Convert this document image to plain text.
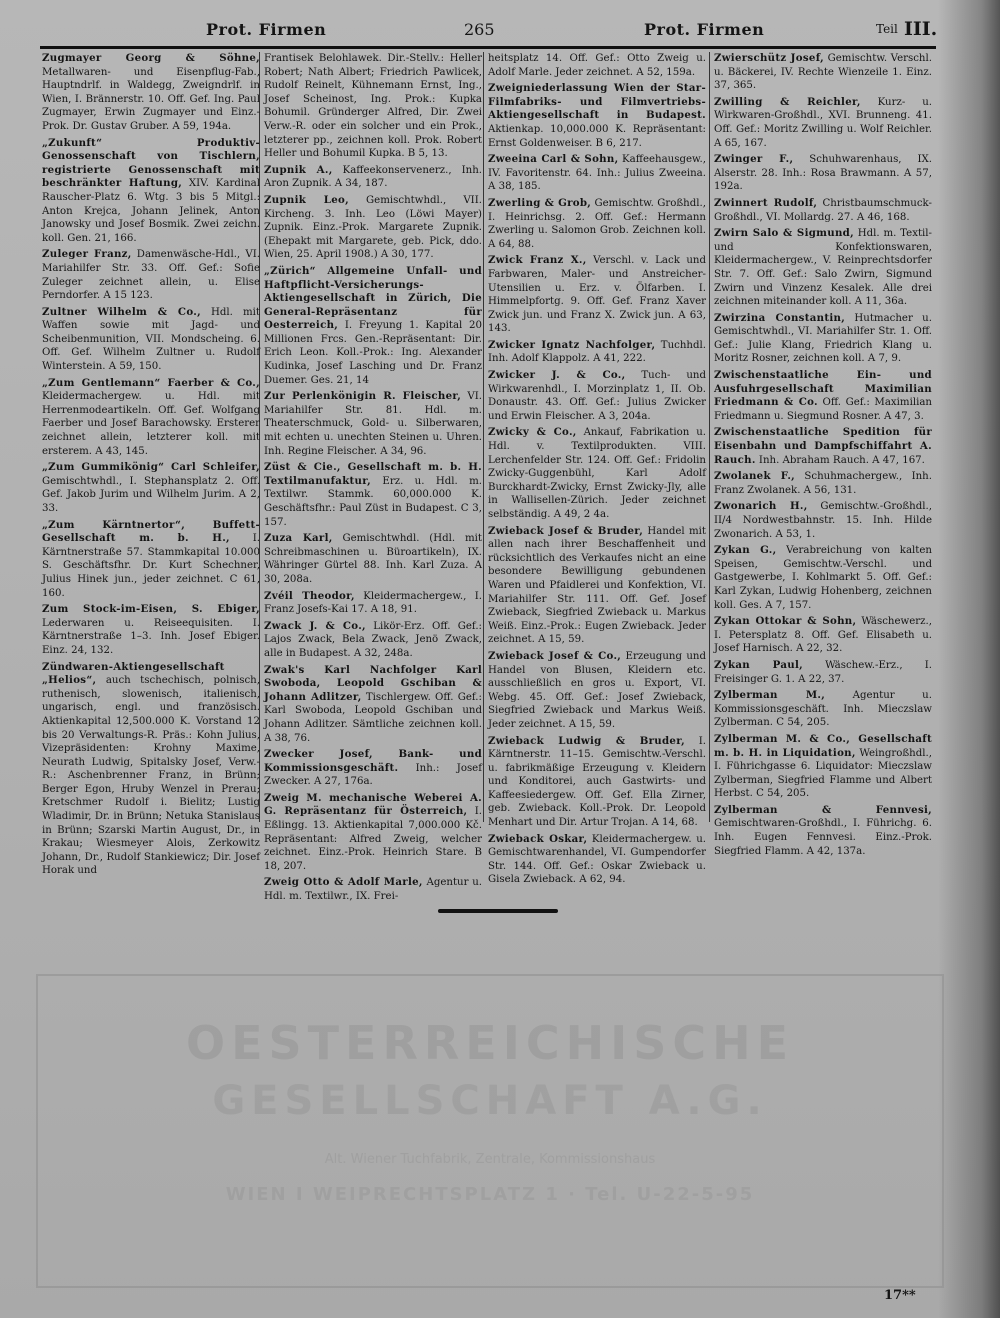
Prot. Firmen	265	Prot. Firmen	Teil III.

Zugmayer Georg & Söhne, Metallwaren- und Eisenpflug-Fab., Hauptndrlf. in Waldegg, Zweigndrlf. in Wien, I. Brännerstr. 10. Off. Gef. Ing. Paul Zugmayer, Erwin Zugmayer und Einz.-Prok. Dr. Gustav Gruber. A 59, 194a.

„Zukunft“ Produktiv-Genossenschaft von Tischlern, registrierte Genossenschaft mit beschränkter Haftung, XIV. Kardinal Rauscher-Platz 6. Wtg. 3 bis 5 Mitgl.: Anton Krejca, Johann Jelinek, Anton Janowsky und Josef Bosmik. Zwei zeichn. koll. Gen. 21, 166.

Zuleger Franz, Damenwäsche-Hdl., VI. Mariahilfer Str. 33. Off. Gef.: Sofie Zuleger zeichnet allein, u. Elise Perndorfer. A 15 123.

Zultner Wilhelm & Co., Hdl. mit Waffen sowie mit Jagd- und Scheibenmunition, VII. Mondscheing. 6. Off. Gef. Wilhelm Zultner u. Rudolf Winterstein. A 59, 150.

„Zum Gentlemann“ Faerber & Co., Kleidermachergew. u. Hdl. mit Herrenmodeartikeln. Off. Gef. Wolfgang Faerber und Josef Barachowsky. Ersterer zeichnet allein, letzterer koll. mit ersterem. A 43, 145.

„Zum Gummikönig“ Carl Schleifer, Gemischtwhdl., I. Stephansplatz 2. Off. Gef. Jakob Jurim und Wilhelm Jurim. A 2, 33.

„Zum Kärntnertor“, Buffett-Gesellschaft m. b. H., I. Kärntnerstraße 57. Stammkapital 10.000 S. Geschäftsfhr. Dr. Kurt Schechner, Julius Hinek jun., jeder zeichnet. C 61, 160.

Zum Stock-im-Eisen, S. Ebiger, Lederwaren u. Reiseequisiten. I. Kärntnerstraße 1–3. Inh. Josef Ebiger. Einz. 24, 132.

Zündwaren-Aktiengesellschaft „Helios“, auch tschechisch, polnisch, ruthenisch, slowenisch, italienisch, ungarisch, engl. und französisch. Aktienkapital 12,500.000 K. Vorstand 12 bis 20 Verwaltungs-R. Präs.: Kohn Julius, Vizepräsidenten: Krohny Maxime, Neurath Ludwig, Spitalsky Josef, Verw.-R.: Aschenbrenner Franz, in Brünn; Berger Egon, Hruby Wenzel in Prerau; Kretschmer Rudolf i. Bielitz; Lustig Wladimir, Dr. in Brünn; Netuka Stanislaus in Brünn; Szarski Martin August, Dr., in Krakau; Wiesmeyer Alois, Zerkowitz Johann, Dr., Rudolf Stankiewicz; Dir. Josef Horak und

Frantisek Belohlawek. Dir.-Stellv.: Heller Robert; Nath Albert; Friedrich Pawlicek, Rudolf Reinelt, Kühnemann Ernst, Ing., Josef Scheinost, Ing. Prok.: Kupka Bohumil. Gründerger Alfred, Dir. Zwei Verw.-R. oder ein solcher und ein Prok., letzterer pp., zeichnen koll. Prok. Robert Heller und Bohumil Kupka. B 5, 13.

Zupnik A., Kaffeekonservenerz., Inh. Aron Zupnik. A 34, 187.

Zupnik Leo, Gemischtwhdl., VII. Kircheng. 3. Inh. Leo (Löwi Mayer) Zupnik. Einz.-Prok. Margarete Zupnik. (Ehepakt mit Margarete, geb. Pick, ddo. Wien, 25. April 1908.) A 30, 177.

„Zürich“ Allgemeine Unfall- und Haftpflicht-Versicherungs-Aktiengesellschaft in Zürich, Die General-Repräsentanz für Oesterreich, I. Freyung 1. Kapital 20 Millionen Frcs. Gen.-Repräsentant: Dir. Erich Leon. Koll.-Prok.: Ing. Alexander Kudinka, Josef Lasching und Dr. Franz Duemer. Ges. 21, 14

Zur Perlenkönigin R. Fleischer, VI. Mariahilfer Str. 81. Hdl. m. Theaterschmuck, Gold- u. Silberwaren, mit echten u. unechten Steinen u. Uhren. Inh. Regine Fleischer. A 34, 96.

Züst & Cie., Gesellschaft m. b. H. Textilmanufaktur, Erz. u. Hdl. m. Textilwr. Stammk. 60,000.000 K. Geschäftsfhr.: Paul Züst in Budapest. C 3, 157.

Zuza Karl, Gemischtwhdl. (Hdl. mit Schreibmaschinen u. Büroartikeln), IX. Währinger Gürtel 88. Inh. Karl Zuza. A 30, 208a.

Zvéil Theodor, Kleidermachergew., I. Franz Josefs-Kai 17. A 18, 91.

Zwack J. & Co., Likör-Erz. Off. Gef.: Lajos Zwack, Bela Zwack, Jenö Zwack, alle in Budapest. A 32, 248a.

Zwak's Karl Nachfolger Karl Swoboda, Leopold Gschiban & Johann Adlitzer, Tischlergew. Off. Gef.: Karl Swoboda, Leopold Gschiban und Johann Adlitzer. Sämtliche zeichnen koll. A 38, 76.

Zwecker Josef, Bank- und Kommissionsgeschäft. Inh.: Josef Zwecker. A 27, 176a.

Zweig M. mechanische Weberei A. G. Repräsentanz für Österreich, I. Eßlingg. 13. Aktienkapital 7,000.000 Kč. Repräsentant: Alfred Zweig, welcher zeichnet. Einz.-Prok. Heinrich Stare. B 18, 207.

Zweig Otto & Adolf Marle, Agentur u. Hdl. m. Textilwr., IX. Frei-

heitsplatz 14. Off. Gef.: Otto Zweig u. Adolf Marle. Jeder zeichnet. A 52, 159a.

Zweigniederlassung Wien der Star-Filmfabriks- und Filmvertriebs-Aktiengesellschaft in Budapest. Aktienkap. 10,000.000 K. Repräsentant: Ernst Goldenweiser. B 6, 217.

Zweeina Carl & Sohn, Kaffeehausgew., IV. Favoritenstr. 64. Inh.: Julius Zweeina. A 38, 185.

Zwerling & Grob, Gemischtw. Großhdl., I. Heinrichsg. 2. Off. Gef.: Hermann Zwerling u. Salomon Grob. Zeichnen koll. A 64, 88.

Zwick Franz X., Verschl. v. Lack und Farbwaren, Maler- und Anstreicher-Utensilien u. Erz. v. Ölfarben. I. Himmelpfortg. 9. Off. Gef. Franz Xaver Zwick jun. und Franz X. Zwick jun. A 63, 143.

Zwicker Ignatz Nachfolger, Tuchhdl. Inh. Adolf Klappolz. A 41, 222.

Zwicker J. & Co., Tuch- und Wirkwarenhdl., I. Morzinplatz 1, II. Ob. Donaustr. 43. Off. Gef.: Julius Zwicker und Erwin Fleischer. A 3, 204a.

Zwicky & Co., Ankauf, Fabrikation u. Hdl. v. Textilprodukten. VIII. Lerchenfelder Str. 124. Off. Gef.: Fridolin Zwicky-Guggenbühl, Karl Adolf Burckhardt-Zwicky, Ernst Zwicky-Jly, alle in Wallisellen-Zürich. Jeder zeichnet selbständig. A 49, 2 4a.

Zwieback Josef & Bruder, Handel mit allen nach ihrer Beschaffenheit und rücksichtlich des Verkaufes nicht an eine besondere Bewilligung gebundenen Waren und Pfaidlerei und Konfektion, VI. Mariahilfer Str. 111. Off. Gef. Josef Zwieback, Siegfried Zwieback u. Markus Weiß. Einz.-Prok.: Eugen Zwieback. Jeder zeichnet. A 15, 59.

Zwieback Josef & Co., Erzeugung und Handel von Blusen, Kleidern etc. ausschließlich en gros u. Export, VI. Webg. 45. Off. Gef.: Josef Zwieback, Siegfried Zwieback und Markus Weiß. Jeder zeichnet. A 15, 59.

Zwieback Ludwig & Bruder, I. Kärntnerstr. 11–15. Gemischtw.-Verschl. u. fabrikmäßige Erzeugung v. Kleidern und Konditorei, auch Gastwirts- und Kaffeesiedergew. Off. Gef. Ella Zirner, geb. Zwieback. Koll.-Prok. Dr. Leopold Menhart und Dir. Artur Trojan. A 14, 68.

Zwieback Oskar, Kleidermachergew. u. Gemischtwarenhandel, VI. Gumpendorfer Str. 144. Off. Gef.: Oskar Zwieback u. Gisela Zwieback. A 62, 94.

Zwierschütz Josef, Gemischtw. Verschl. u. Bäckerei, IV. Rechte Wienzeile 1. Einz. 37, 365.

Zwilling & Reichler, Kurz- u. Wirkwaren-Großhdl., XVI. Brunneng. 41. Off. Gef.: Moritz Zwilling u. Wolf Reichler. A 65, 167.

Zwinger F., Schuhwarenhaus, IX. Alserstr. 28. Inh.: Rosa Brawmann. A 57, 192a.

Zwinnert Rudolf, Christbaumschmuck-Großhdl., VI. Mollardg. 27. A 46, 168.

Zwirn Salo & Sigmund, Hdl. m. Textil- und Konfektionswaren, Kleidermachergew., V. Reinprechtsdorfer Str. 7. Off. Gef.: Salo Zwirn, Sigmund Zwirn und Vinzenz Kesalek. Alle drei zeichnen miteinander koll. A 11, 36a.

Zwirzina Constantin, Hutmacher u. Gemischtwhdl., VI. Mariahilfer Str. 1. Off. Gef.: Julie Klang, Friedrich Klang u. Moritz Rosner, zeichnen koll. A 7, 9.

Zwischenstaatliche Ein- und Ausfuhrgesellschaft Maximilian Friedmann & Co. Off. Gef.: Maximilian Friedmann u. Siegmund Rosner. A 47, 3.

Zwischenstaatliche Spedition für Eisenbahn und Dampfschiffahrt A. Rauch. Inh. Abraham Rauch. A 47, 167.

Zwolanek F., Schuhmachergew., Inh. Franz Zwolanek. A 56, 131.

Zwonarich H., Gemischtw.-Großhdl., II/4 Nordwestbahnstr. 15. Inh. Hilde Zwonarich. A 53, 1.

Zykan G., Verabreichung von kalten Speisen, Gemischtw.-Verschl. und Gastgewerbe, I. Kohlmarkt 5. Off. Gef.: Karl Zykan, Ludwig Hohenberg, zeichnen koll. Ges. A 7, 157.

Zykan Ottokar & Sohn, Wäschewerz., I. Petersplatz 8. Off. Gef. Elisabeth u. Josef Harnisch. A 22, 32.

Zykan Paul, Wäschew.-Erz., I. Freisinger G. 1. A 22, 37.

Zylberman M.,	Agentur u. Kommissionsgeschäft. Inh. Mieczslaw Zylberman. C 54, 205.

Zylberman M. & Co., Gesellschaft m. b. H. in Liquidation, Weingroßhdl., I. Führichgasse 6. Liquidator: Mieczslaw Zylberman, Siegfried Flamme und Albert Herbst. C 54, 205.

Zylberman & Fennvesi, Gemischtwaren-Großhdl., I. Führichg. 6. Inh. Eugen Fennvesi. Einz.-Prok. Siegfried Flamm. A 42, 137a.

OESTERREICHISCHE
GESELLSCHAFT A.G.
Alt. Wiener Tuchfabrik, Zentrale, Kommissionshaus
WIEN I WEIPRECHTSPLATZ 1 · Tel. U-22-5-95
17**
